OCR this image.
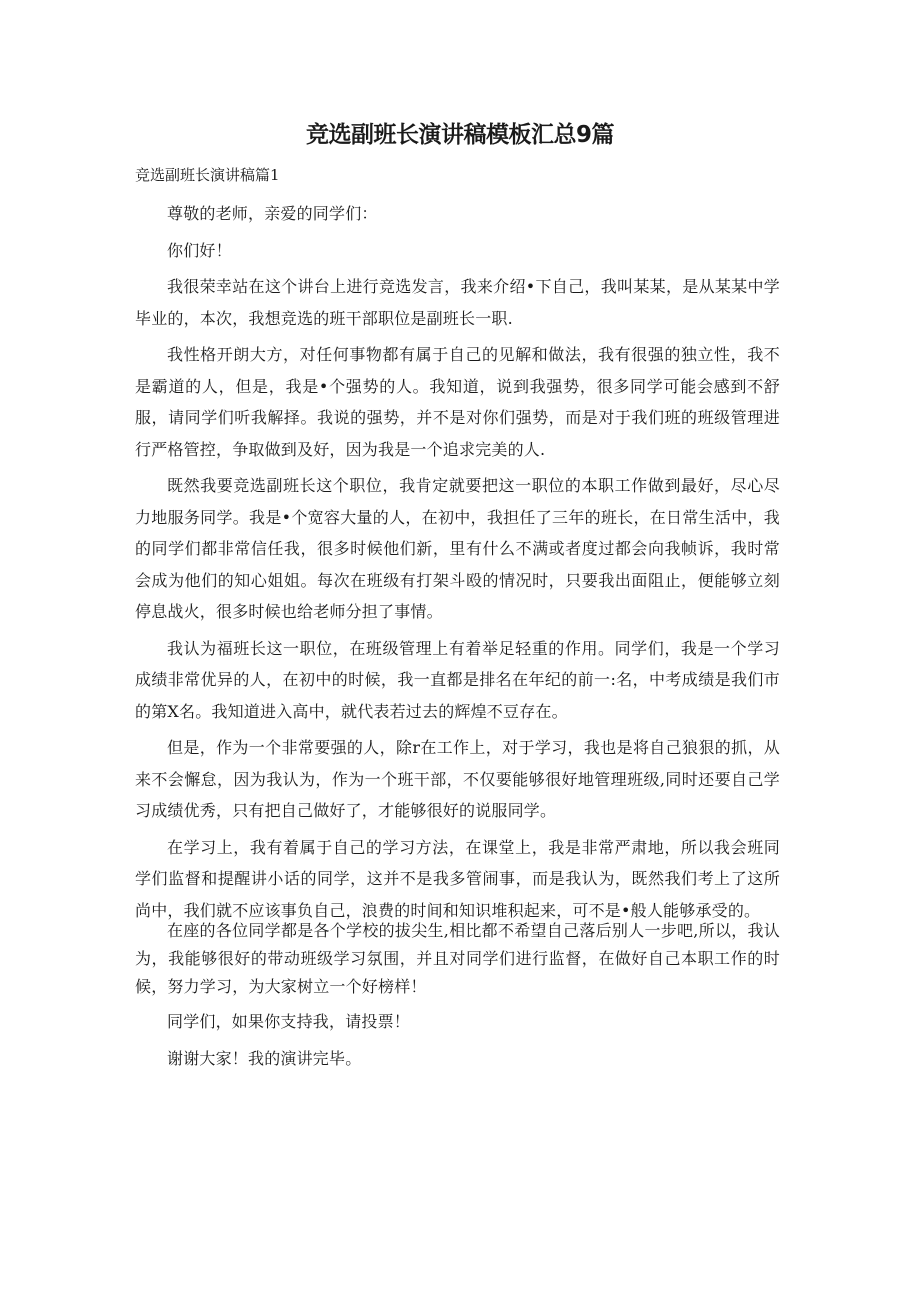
竞选副班长演讲稿模板汇总9篇

竞选副班长演讲稿篇1

尊敬的老师，亲爱的同学们：

你们好！

我很荣幸站在这个讲台上进行竞选发言，我来介绍•下自己，我叫某某，是从某某中学毕业的，本次，我想竞选的班干部职位是副班长一职.

我性格开朗大方，对任何事物都有属于自己的见解和做法，我有很强的独立性，我不是霸道的人，但是，我是•个强势的人。我知道，说到我强势，很多同学可能会感到不舒服，请同学们听我解择。我说的强势，并不是对你们强势，而是对于我们班的班级管理进行严格管控，争取做到及好，因为我是一个追求完美的人.

既然我要竞选副班长这个职位，我肯定就要把这一职位的本职工作做到最好，尽心尽力地服务同学。我是•个宽容大量的人，在初中，我担任了三年的班长，在日常生活中，我的同学们都非常信任我，很多时候他们新，里有什么不满或者度过都会向我帧诉，我时常会成为他们的知心姐姐。每次在班级有打架斗殴的情况时，只要我出面阻止，便能够立刻停息战火，很多时候也给老师分担了事情。

我认为福班长这一职位，在班级管理上有着举足轻重的作用。同学们，我是一个学习成绩非常优异的人，在初中的时候，我一直都是排名在年纪的前一:名，中考成绩是我们市的第X名。我知道进入高中，就代表若过去的辉煌不豆存在。

但是，作为一个非常要强的人，除r在工作上，对于学习，我也是将自己狼狠的抓，从来不会懈怠，因为我认为，作为一个班干部，不仅要能够很好地管理班级,同时还要自己学习成绩优秀，只有把自己做好了，才能够很好的说服同学。

在学习上，我有着属于自己的学习方法，在课堂上，我是非常严肃地，所以我会班同学们监督和提醒讲小话的同学，这并不是我多管闹事，而是我认为，既然我们考上了这所尚中，我们就不应该事负自己，浪费的时间和知识堆积起来，可不是•般人能够承受的。

在座的各位同学都是各个学校的拔尖生,相比都不希望自己落后别人一步吧,所以，我认为，我能够很好的带动班级学习氛围，并且对同学们进行监督，在做好自己本职工作的时候，努力学习，为大家树立一个好榜样！

同学们，如果你支持我，请投票！

谢谢大家！我的演讲完毕。
